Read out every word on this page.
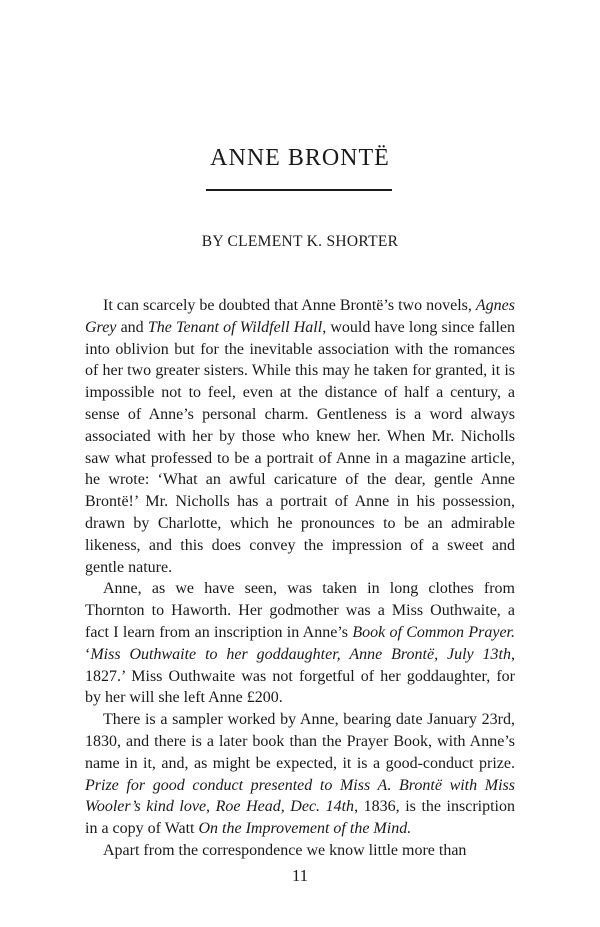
ANNE BRONTË
BY CLEMENT K. SHORTER

It can scarcely be doubted that Anne Brontë’s two novels, Agnes Grey and The Tenant of Wildfell Hall, would have long since fallen into oblivion but for the inevitable association with the romances of her two greater sisters. While this may he taken for granted, it is impossible not to feel, even at the distance of half a century, a sense of Anne’s personal charm. Gentleness is a word always associated with her by those who knew her. When Mr. Nicholls saw what professed to be a portrait of Anne in a magazine article, he wrote: ‘What an awful caricature of the dear, gentle Anne Brontë!’ Mr. Nicholls has a portrait of Anne in his possession, drawn by Charlotte, which he pronounces to be an admirable likeness, and this does convey the impression of a sweet and gentle nature.

Anne, as we have seen, was taken in long clothes from Thornton to Haworth. Her godmother was a Miss Outhwaite, a fact I learn from an inscription in Anne’s Book of Common Prayer. ‘Miss Outhwaite to her goddaughter, Anne Brontë, July 13th, 1827.’ Miss Outhwaite was not forgetful of her goddaughter, for by her will she left Anne £200.

There is a sampler worked by Anne, bearing date January 23rd, 1830, and there is a later book than the Prayer Book, with Anne’s name in it, and, as might be expected, it is a good-conduct prize. Prize for good conduct presented to Miss A. Brontë with Miss Wooler’s kind love, Roe Head, Dec. 14th, 1836, is the inscription in a copy of Watt On the Improvement of the Mind.

Apart from the correspondence we know little more than

11
